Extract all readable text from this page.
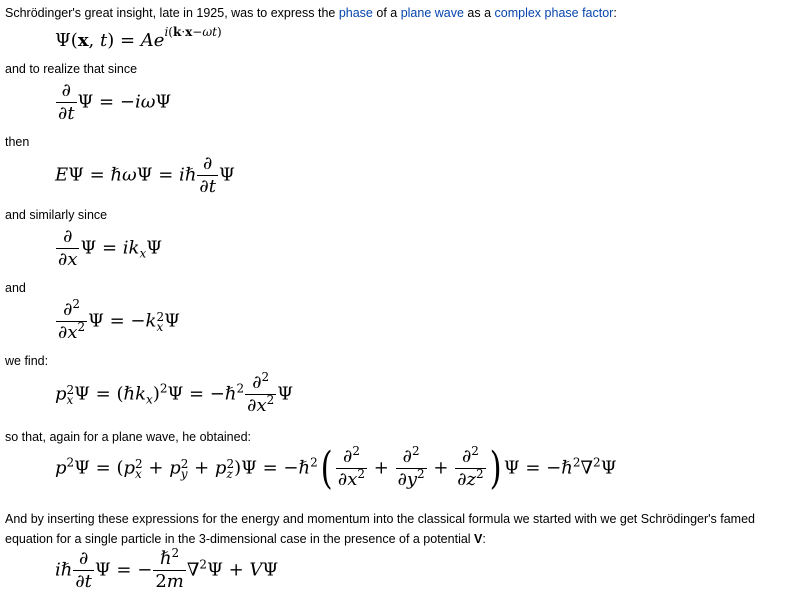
Schrödinger's great insight, late in 1925, was to express the phase of a plane wave as a complex phase factor:
Ψ(x, $t) = Ae^{i(k\cdot x-\omega t)}$
and to realize that since
∂
∂t
Ψ = −iωΨ
then
EΨ = ℏωΨ = iℏ
∂
∂t
Ψ
and similarly since
∂
∂x
$\Psi = ik_x\Psi$
and
$\frac{\partial^2}{\partial x^2}$ Ψ = −k 2
x Ψ
we find:
p 2
x Ψ = (ℏk$_x$)$^2$Ψ = −ℏ$^2$ $\frac{\partial^2}{\partial x^2}$ Ψ
so that, again for a plane wave, he obtained:
$p^2\Psi = (p$ 2
x + p 2
y + p 2
z )Ψ = −ℏ$^2$( $\frac{\partial^2}{\partial x^2} + \frac{\partial^2}{\partial y^2} + \frac{\partial^2}{\partial z^2}$ ) Ψ = −ℏ$^2$∇$^2$Ψ
And by inserting these expressions for the energy and momentum into the classical formula we started with we get Schrödinger's famed equation for a single particle in the 3-dimensional case in the presence of a potential V:
iℏ
∂
∂t
Ψ = −
ℏ$^2$
2m
∇$^2$Ψ + VΨ
